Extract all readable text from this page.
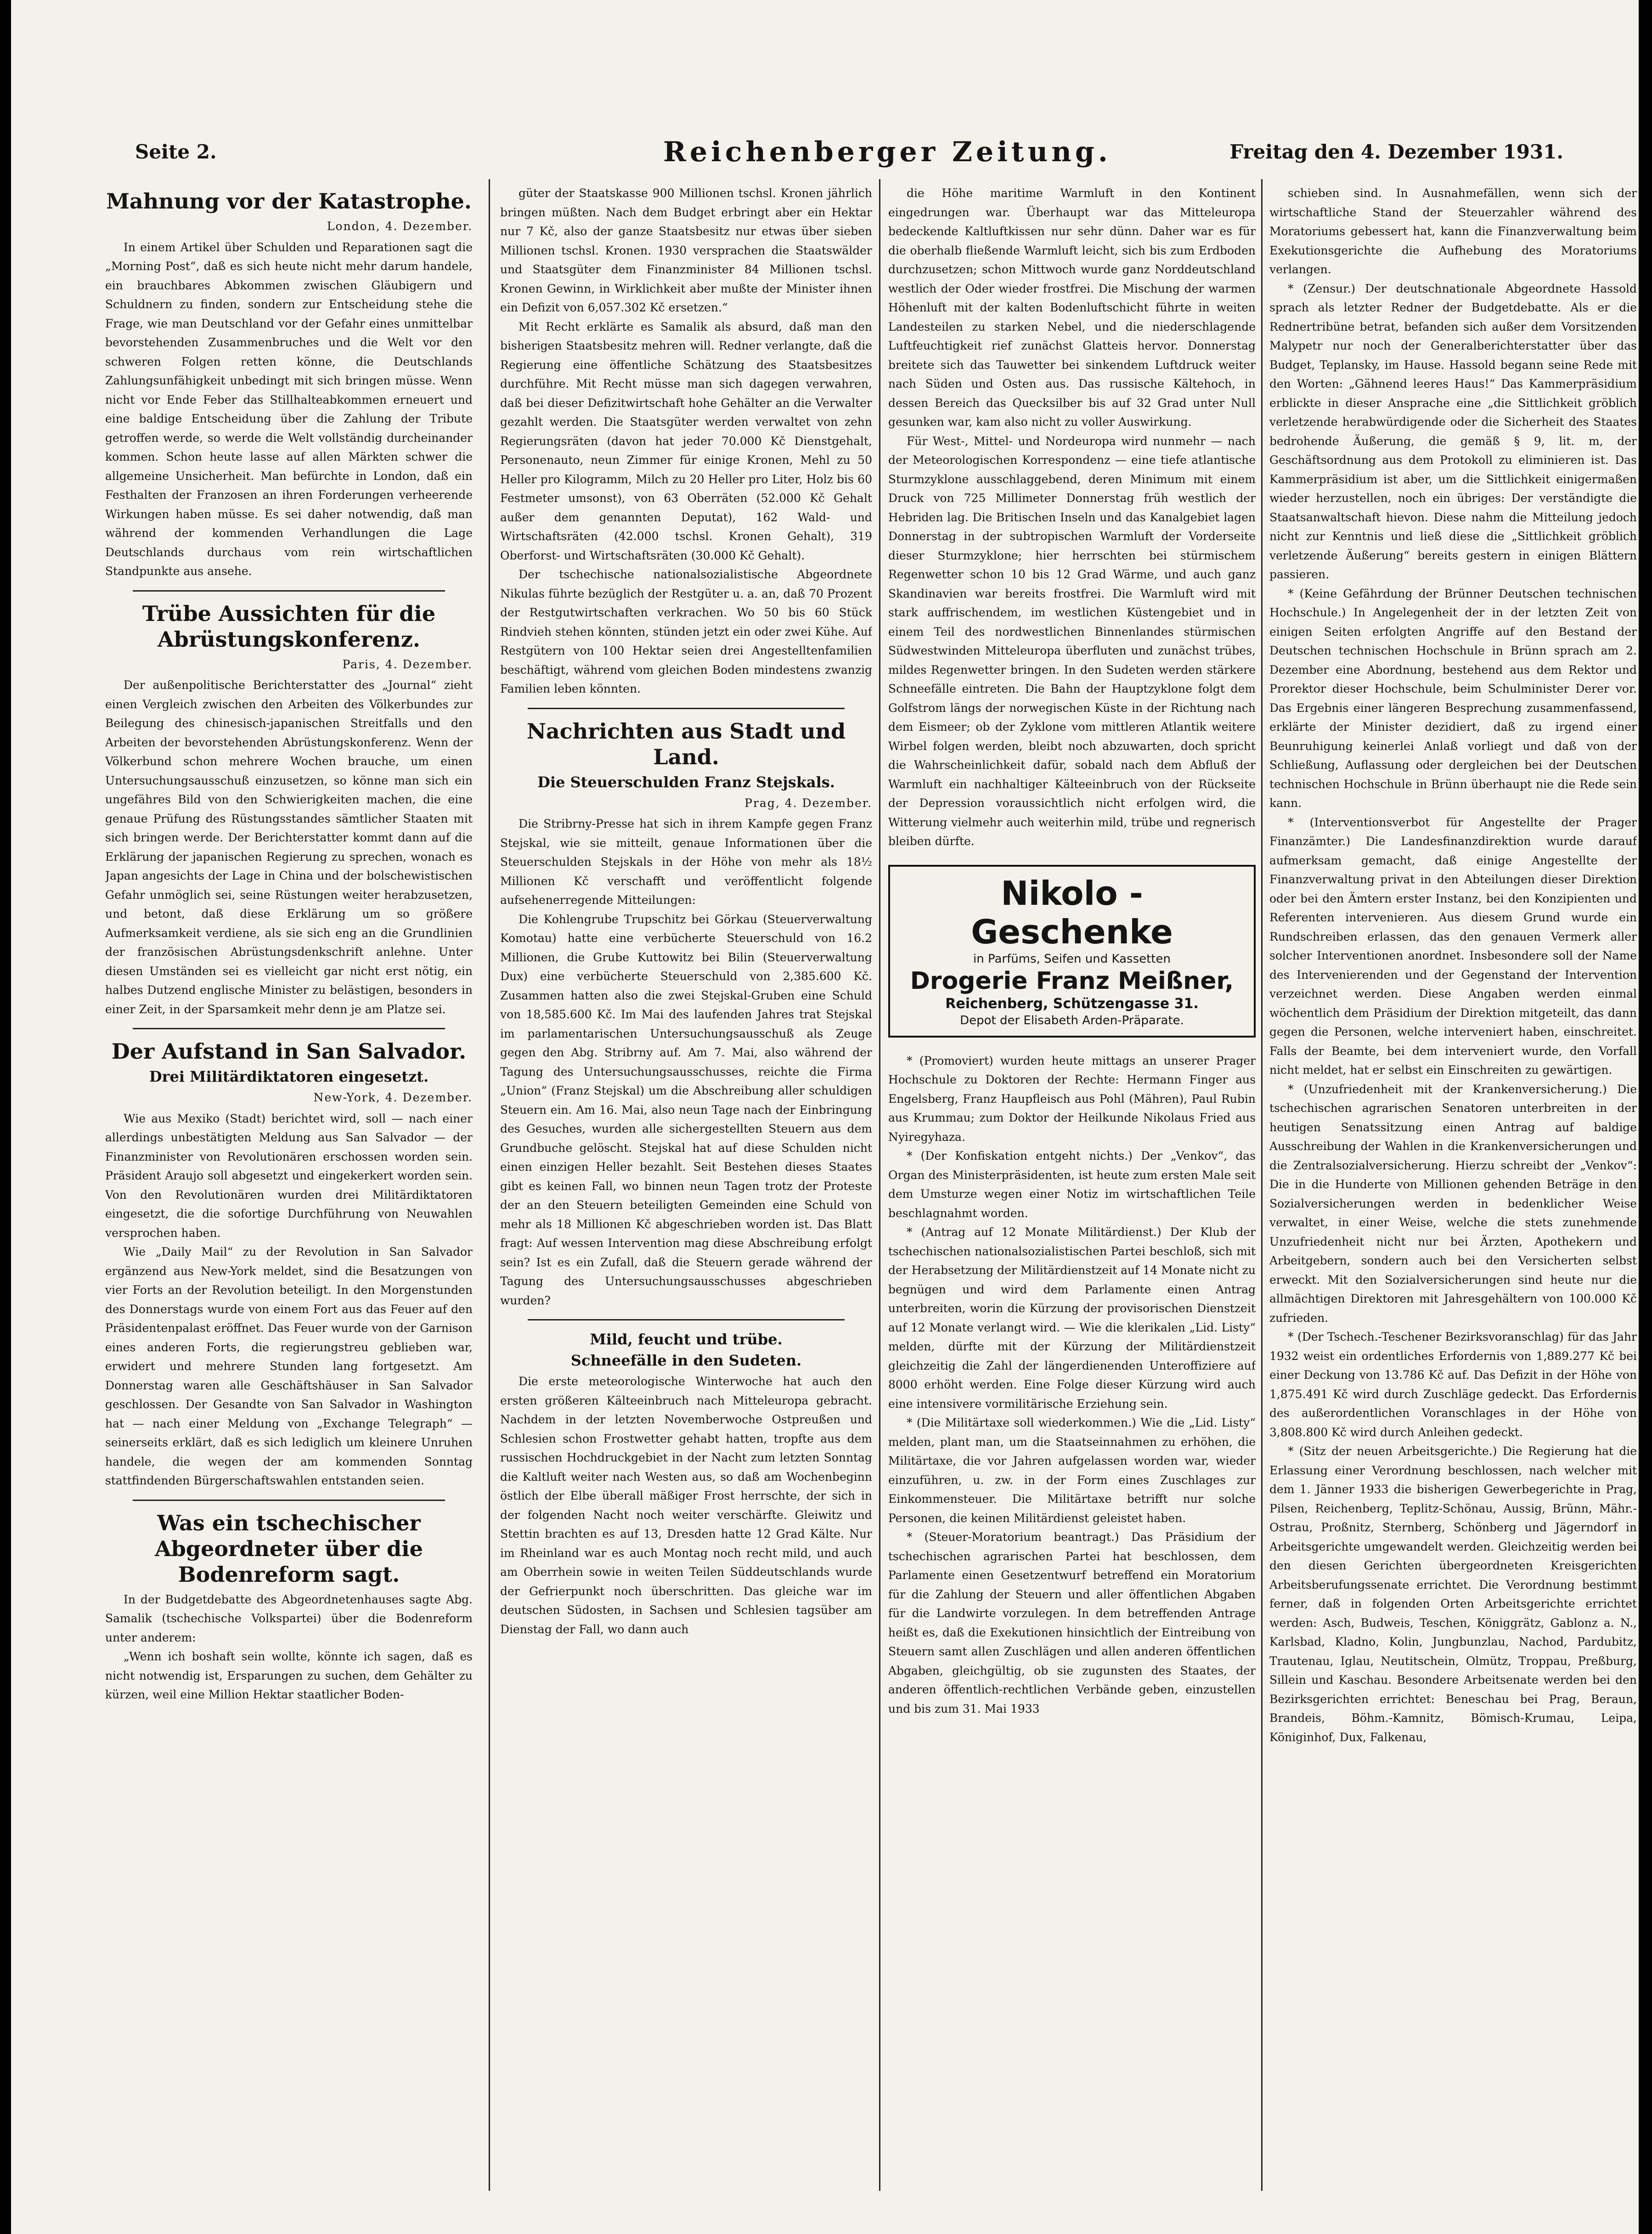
Seite 2.	Reichenberger Zeitung.	Freitag den 4. Dezember 1931.
Mahnung vor der Katastrophe.
London, 4. Dezember.

In einem Artikel über Schulden und Reparationen sagt die „Morning Post“, daß es sich heute nicht mehr darum handele, ein brauchbares Abkommen zwischen Gläubigern und Schuldnern zu finden, sondern zur Entscheidung stehe die Frage, wie man Deutschland vor der Gefahr eines unmittelbar bevorstehenden Zusammenbruches und die Welt vor den schweren Folgen retten könne, die Deutschlands Zahlungsunfähigkeit unbedingt mit sich bringen müsse. Wenn nicht vor Ende Feber das Stillhalteabkommen erneuert und eine baldige Entscheidung über die Zahlung der Tribute getroffen werde, so werde die Welt vollständig durcheinander kommen. Schon heute lasse auf allen Märkten schwer die allgemeine Unsicherheit. Man befürchte in London, daß ein Festhalten der Franzosen an ihren Forderungen verheerende Wirkungen haben müsse. Es sei daher notwendig, daß man während der kommenden Verhandlungen die Lage Deutschlands durchaus vom rein wirtschaftlichen Standpunkte aus ansehe.

Trübe Aussichten für die Abrüstungskonferenz.
Paris, 4. Dezember.

Der außenpolitische Berichterstatter des „Journal“ zieht einen Vergleich zwischen den Arbeiten des Völkerbundes zur Beilegung des chinesisch-japanischen Streitfalls und den Arbeiten der bevorstehenden Abrüstungskonferenz. Wenn der Völkerbund schon mehrere Wochen brauche, um einen Untersuchungsausschuß einzusetzen, so könne man sich ein ungefähres Bild von den Schwierigkeiten machen, die eine genaue Prüfung des Rüstungsstandes sämtlicher Staaten mit sich bringen werde. Der Berichterstatter kommt dann auf die Erklärung der japanischen Regierung zu sprechen, wonach es Japan angesichts der Lage in China und der bolschewistischen Gefahr unmöglich sei, seine Rüstungen weiter herabzusetzen, und betont, daß diese Erklärung um so größere Aufmerksamkeit verdiene, als sie sich eng an die Grundlinien der französischen Abrüstungsdenkschrift anlehne. Unter diesen Umständen sei es vielleicht gar nicht erst nötig, ein halbes Dutzend englische Minister zu belästigen, besonders in einer Zeit, in der Sparsamkeit mehr denn je am Platze sei.

Der Aufstand in San Salvador.
Drei Militärdiktatoren eingesetzt.
New-York, 4. Dezember.

Wie aus Mexiko (Stadt) berichtet wird, soll — nach einer allerdings unbestätigten Meldung aus San Salvador — der Finanzminister von Revolutionären erschossen worden sein. Präsident Araujo soll abgesetzt und eingekerkert worden sein. Von den Revolutionären wurden drei Militärdiktatoren eingesetzt, die die sofortige Durchführung von Neuwahlen versprochen haben.

Wie „Daily Mail“ zu der Revolution in San Salvador ergänzend aus New-York meldet, sind die Besatzungen von vier Forts an der Revolution beteiligt. In den Morgenstunden des Donnerstags wurde von einem Fort aus das Feuer auf den Präsidentenpalast eröffnet. Das Feuer wurde von der Garnison eines anderen Forts, die regierungstreu geblieben war, erwidert und mehrere Stunden lang fortgesetzt. Am Donnerstag waren alle Geschäftshäuser in San Salvador geschlossen. Der Gesandte von San Salvador in Washington hat — nach einer Meldung von „Exchange Telegraph“ — seinerseits erklärt, daß es sich lediglich um kleinere Unruhen handele, die wegen der am kommenden Sonntag stattfindenden Bürgerschaftswahlen entstanden seien.

Was ein tschechischer Abgeordneter über die Bodenreform sagt.

In der Budgetdebatte des Abgeordnetenhauses sagte Abg. Samalik (tschechische Volkspartei) über die Bodenreform unter anderem:

„Wenn ich boshaft sein wollte, könnte ich sagen, daß es nicht notwendig ist, Ersparungen zu suchen, dem Gehälter zu kürzen, weil eine Million Hektar staatlicher Boden-

güter der Staatskasse 900 Millionen tschsl. Kronen jährlich bringen müßten. Nach dem Budget erbringt aber ein Hektar nur 7 Kč, also der ganze Staatsbesitz nur etwas über sieben Millionen tschsl. Kronen. 1930 versprachen die Staatswälder und Staatsgüter dem Finanzminister 84 Millionen tschsl. Kronen Gewinn, in Wirklichkeit aber mußte der Minister ihnen ein Defizit von 6,057.302 Kč ersetzen.“

Mit Recht erklärte es Samalik als absurd, daß man den bisherigen Staatsbesitz mehren will. Redner verlangte, daß die Regierung eine öffentliche Schätzung des Staatsbesitzes durchführe. Mit Recht müsse man sich dagegen verwahren, daß bei dieser Defizitwirtschaft hohe Gehälter an die Verwalter gezahlt werden. Die Staatsgüter werden verwaltet von zehn Regierungsräten (davon hat jeder 70.000 Kč Dienstgehalt, Personenauto, neun Zimmer für einige Kronen, Mehl zu 50 Heller pro Kilogramm, Milch zu 20 Heller pro Liter, Holz bis 60 Festmeter umsonst), von 63 Oberräten (52.000 Kč Gehalt außer dem genannten Deputat), 162 Wald- und Wirtschaftsräten (42.000 tschsl. Kronen Gehalt), 319 Oberforst- und Wirtschaftsräten (30.000 Kč Gehalt).

Der tschechische nationalsozialistische Abgeordnete Nikulas führte bezüglich der Restgüter u. a. an, daß 70 Prozent der Restgutwirtschaften verkrachen. Wo 50 bis 60 Stück Rindvieh stehen könnten, stünden jetzt ein oder zwei Kühe. Auf Restgütern von 100 Hektar seien drei Angestelltenfamilien beschäftigt, während vom gleichen Boden mindestens zwanzig Familien leben könnten.

Nachrichten aus Stadt und Land.
Die Steuerschulden Franz Stejskals.
Prag, 4. Dezember.

Die Stribrny-Presse hat sich in ihrem Kampfe gegen Franz Stejskal, wie sie mitteilt, genaue Informationen über die Steuerschulden Stejskals in der Höhe von mehr als 18½ Millionen Kč verschafft und veröffentlicht folgende aufsehenerregende Mitteilungen:

Die Kohlengrube Trupschitz bei Görkau (Steuerverwaltung Komotau) hatte eine verbücherte Steuerschuld von 16.2 Millionen, die Grube Kuttowitz bei Bilin (Steuerverwaltung Dux) eine verbücherte Steuerschuld von 2,385.600 Kč. Zusammen hatten also die zwei Stejskal-Gruben eine Schuld von 18,585.600 Kč. Im Mai des laufenden Jahres trat Stejskal im parlamentarischen Untersuchungsausschuß als Zeuge gegen den Abg. Stribrny auf. Am 7. Mai, also während der Tagung des Untersuchungsausschusses, reichte die Firma „Union“ (Franz Stejskal) um die Abschreibung aller schuldigen Steuern ein. Am 16. Mai, also neun Tage nach der Einbringung des Gesuches, wurden alle sichergestellten Steuern aus dem Grundbuche gelöscht. Stejskal hat auf diese Schulden nicht einen einzigen Heller bezahlt. Seit Bestehen dieses Staates gibt es keinen Fall, wo binnen neun Tagen trotz der Proteste der an den Steuern beteiligten Gemeinden eine Schuld von mehr als 18 Millionen Kč abgeschrieben worden ist. Das Blatt fragt: Auf wessen Intervention mag diese Abschreibung erfolgt sein? Ist es ein Zufall, daß die Steuern gerade während der Tagung des Untersuchungsausschusses abgeschrieben wurden?

Mild, feucht und trübe.
Schneefälle in den Sudeten.

Die erste meteorologische Winterwoche hat auch den ersten größeren Kälteeinbruch nach Mitteleuropa gebracht. Nachdem in der letzten Novemberwoche Ostpreußen und Schlesien schon Frostwetter gehabt hatten, tropfte aus dem russischen Hochdruckgebiet in der Nacht zum letzten Sonntag die Kaltluft weiter nach Westen aus, so daß am Wochenbeginn östlich der Elbe überall mäßiger Frost herrschte, der sich in der folgenden Nacht noch weiter verschärfte. Gleiwitz und Stettin brachten es auf 13, Dresden hatte 12 Grad Kälte. Nur im Rheinland war es auch Montag noch recht mild, und auch am Oberrhein sowie in weiten Teilen Süddeutschlands wurde der Gefrierpunkt noch überschritten. Das gleiche war im deutschen Südosten, in Sachsen und Schlesien tagsüber am Dienstag der Fall, wo dann auch

die Höhe maritime Warmluft in den Kontinent eingedrungen war. Überhaupt war das Mitteleuropa bedeckende Kaltluftkissen nur sehr dünn. Daher war es für die oberhalb fließende Warmluft leicht, sich bis zum Erdboden durchzusetzen; schon Mittwoch wurde ganz Norddeutschland westlich der Oder wieder frostfrei. Die Mischung der warmen Höhenluft mit der kalten Bodenluftschicht führte in weiten Landesteilen zu starken Nebel, und die niederschlagende Luftfeuchtigkeit rief zunächst Glatteis hervor. Donnerstag breitete sich das Tauwetter bei sinkendem Luftdruck weiter nach Süden und Osten aus. Das russische Kältehoch, in dessen Bereich das Quecksilber bis auf 32 Grad unter Null gesunken war, kam also nicht zu voller Auswirkung.

Für West-, Mittel- und Nordeuropa wird nunmehr — nach der Meteorologischen Korrespondenz — eine tiefe atlantische Sturmzyklone ausschlaggebend, deren Minimum mit einem Druck von 725 Millimeter Donnerstag früh westlich der Hebriden lag. Die Britischen Inseln und das Kanalgebiet lagen Donnerstag in der subtropischen Warmluft der Vorderseite dieser Sturmzyklone; hier herrschten bei stürmischem Regenwetter schon 10 bis 12 Grad Wärme, und auch ganz Skandinavien war bereits frostfrei. Die Warmluft wird mit stark auffrischendem, im westlichen Küstengebiet und in einem Teil des nordwestlichen Binnenlandes stürmischen Südwestwinden Mitteleuropa überfluten und zunächst trübes, mildes Regenwetter bringen. In den Sudeten werden stärkere Schneefälle eintreten. Die Bahn der Hauptzyklone folgt dem Golfstrom längs der norwegischen Küste in der Richtung nach dem Eismeer; ob der Zyklone vom mittleren Atlantik weitere Wirbel folgen werden, bleibt noch abzuwarten, doch spricht die Wahrscheinlichkeit dafür, sobald nach dem Abfluß der Warmluft ein nachhaltiger Kälteeinbruch von der Rückseite der Depression voraussichtlich nicht erfolgen wird, die Witterung vielmehr auch weiterhin mild, trübe und regnerisch bleiben dürfte.

Nikolo - Geschenke
in Parfüms, Seifen und Kassetten
Drogerie Franz Meißner,
Reichenberg, Schützengasse 31.
Depot der Elisabeth Arden-Präparate.

* (Promoviert) wurden heute mittags an unserer Prager Hochschule zu Doktoren der Rechte: Hermann Finger aus Engelsberg, Franz Haupfleisch aus Pohl (Mähren), Paul Rubin aus Krummau; zum Doktor der Heilkunde Nikolaus Fried aus Nyiregyhaza.

* (Der Konfiskation entgeht nichts.) Der „Venkov“, das Organ des Ministerpräsidenten, ist heute zum ersten Male seit dem Umsturze wegen einer Notiz im wirtschaftlichen Teile beschlagnahmt worden.

* (Antrag auf 12 Monate Militärdienst.) Der Klub der tschechischen nationalsozialistischen Partei beschloß, sich mit der Herabsetzung der Militärdienstzeit auf 14 Monate nicht zu begnügen und wird dem Parlamente einen Antrag unterbreiten, worin die Kürzung der provisorischen Dienstzeit auf 12 Monate verlangt wird. — Wie die klerikalen „Lid. Listy“ melden, dürfte mit der Kürzung der Militärdienstzeit gleichzeitig die Zahl der längerdienenden Unteroffiziere auf 8000 erhöht werden. Eine Folge dieser Kürzung wird auch eine intensivere vormilitärische Erziehung sein.

* (Die Militärtaxe soll wiederkommen.) Wie die „Lid. Listy“ melden, plant man, um die Staatseinnahmen zu erhöhen, die Militärtaxe, die vor Jahren aufgelassen worden war, wieder einzuführen, u. zw. in der Form eines Zuschlages zur Einkommensteuer. Die Militärtaxe betrifft nur solche Personen, die keinen Militärdienst geleistet haben.

* (Steuer-Moratorium beantragt.) Das Präsidium der tschechischen agrarischen Partei hat beschlossen, dem Parlamente einen Gesetzentwurf betreffend ein Moratorium für die Zahlung der Steuern und aller öffentlichen Abgaben für die Landwirte vorzulegen. In dem betreffenden Antrage heißt es, daß die Exekutionen hinsichtlich der Eintreibung von Steuern samt allen Zuschlägen und allen anderen öffentlichen Abgaben, gleichgültig, ob sie zugunsten des Staates, der anderen öffentlich-rechtlichen Verbände geben, einzustellen und bis zum 31. Mai 1933

schieben sind. In Ausnahmefällen, wenn sich der wirtschaftliche Stand der Steuerzahler während des Moratoriums gebessert hat, kann die Finanzverwaltung beim Exekutionsgerichte die Aufhebung des Moratoriums verlangen.

* (Zensur.) Der deutschnationale Abgeordnete Hassold sprach als letzter Redner der Budgetdebatte. Als er die Rednertribüne betrat, befanden sich außer dem Vorsitzenden Malypetr nur noch der Generalberichterstatter über das Budget, Teplansky, im Hause. Hassold begann seine Rede mit den Worten: „Gähnend leeres Haus!“ Das Kammerpräsidium erblickte in dieser Ansprache eine „die Sittlichkeit gröblich verletzende herabwürdigende oder die Sicherheit des Staates bedrohende Äußerung, die gemäß § 9, lit. m, der Geschäftsordnung aus dem Protokoll zu eliminieren ist. Das Kammerpräsidium ist aber, um die Sittlichkeit einigermaßen wieder herzustellen, noch ein übriges: Der verständigte die Staatsanwaltschaft hievon. Diese nahm die Mitteilung jedoch nicht zur Kenntnis und ließ diese die „Sittlichkeit gröblich verletzende Äußerung“ bereits gestern in einigen Blättern passieren.

* (Keine Gefährdung der Brünner Deutschen technischen Hochschule.) In Angelegenheit der in der letzten Zeit von einigen Seiten erfolgten Angriffe auf den Bestand der Deutschen technischen Hochschule in Brünn sprach am 2. Dezember eine Abordnung, bestehend aus dem Rektor und Prorektor dieser Hochschule, beim Schulminister Derer vor. Das Ergebnis einer längeren Besprechung zusammenfassend, erklärte der Minister dezidiert, daß zu irgend einer Beunruhigung keinerlei Anlaß vorliegt und daß von der Schließung, Auflassung oder dergleichen bei der Deutschen technischen Hochschule in Brünn überhaupt nie die Rede sein kann.

* (Interventionsverbot für Angestellte der Prager Finanzämter.) Die Landesfinanzdirektion wurde darauf aufmerksam gemacht, daß einige Angestellte der Finanzverwaltung privat in den Abteilungen dieser Direktion oder bei den Ämtern erster Instanz, bei den Konzipienten und Referenten intervenieren. Aus diesem Grund wurde ein Rundschreiben erlassen, das den genauen Vermerk aller solcher Interventionen anordnet. Insbesondere soll der Name des Intervenierenden und der Gegenstand der Intervention verzeichnet werden. Diese Angaben werden einmal wöchentlich dem Präsidium der Direktion mitgeteilt, das dann gegen die Personen, welche interveniert haben, einschreitet. Falls der Beamte, bei dem interveniert wurde, den Vorfall nicht meldet, hat er selbst ein Einschreiten zu gewärtigen.

* (Unzufriedenheit mit der Krankenversicherung.) Die tschechischen agrarischen Senatoren unterbreiten in der heutigen Senatssitzung einen Antrag auf baldige Ausschreibung der Wahlen in die Krankenversicherungen und die Zentralsozialversicherung. Hierzu schreibt der „Venkov“: Die in die Hunderte von Millionen gehenden Beträge in den Sozialversicherungen werden in bedenklicher Weise verwaltet, in einer Weise, welche die stets zunehmende Unzufriedenheit nicht nur bei Ärzten, Apothekern und Arbeitgebern, sondern auch bei den Versicherten selbst erweckt. Mit den Sozialversicherungen sind heute nur die allmächtigen Direktoren mit Jahresgehältern von 100.000 Kč zufrieden.

* (Der Tschech.-Teschener Bezirksvoranschlag) für das Jahr 1932 weist ein ordentliches Erfordernis von 1,889.277 Kč bei einer Deckung von 13.786 Kč auf. Das Defizit in der Höhe von 1,875.491 Kč wird durch Zuschläge gedeckt. Das Erfordernis des außerordentlichen Voranschlages in der Höhe von 3,808.800 Kč wird durch Anleihen gedeckt.

* (Sitz der neuen Arbeitsgerichte.) Die Regierung hat die Erlassung einer Verordnung beschlossen, nach welcher mit dem 1. Jänner 1933 die bisherigen Gewerbegerichte in Prag, Pilsen, Reichenberg, Teplitz-Schönau, Aussig, Brünn, Mähr.-Ostrau, Proßnitz, Sternberg, Schönberg und Jägerndorf in Arbeitsgerichte umgewandelt werden. Gleichzeitig werden bei den diesen Gerichten übergeordneten Kreisgerichten Arbeitsberufungssenate errichtet. Die Verordnung bestimmt ferner, daß in folgenden Orten Arbeitsgerichte errichtet werden: Asch, Budweis, Teschen, Königgrätz, Gablonz a. N., Karlsbad, Kladno, Kolin, Jungbunzlau, Nachod, Pardubitz, Trautenau, Iglau, Neutitschein, Olmütz, Troppau, Preßburg, Sillein und Kaschau. Besondere Arbeitsenate werden bei den Bezirksgerichten errichtet: Beneschau bei Prag, Beraun, Brandeis, Böhm.-Kamnitz, Bömisch-Krumau, Leipa, Königinhof, Dux, Falkenau,
